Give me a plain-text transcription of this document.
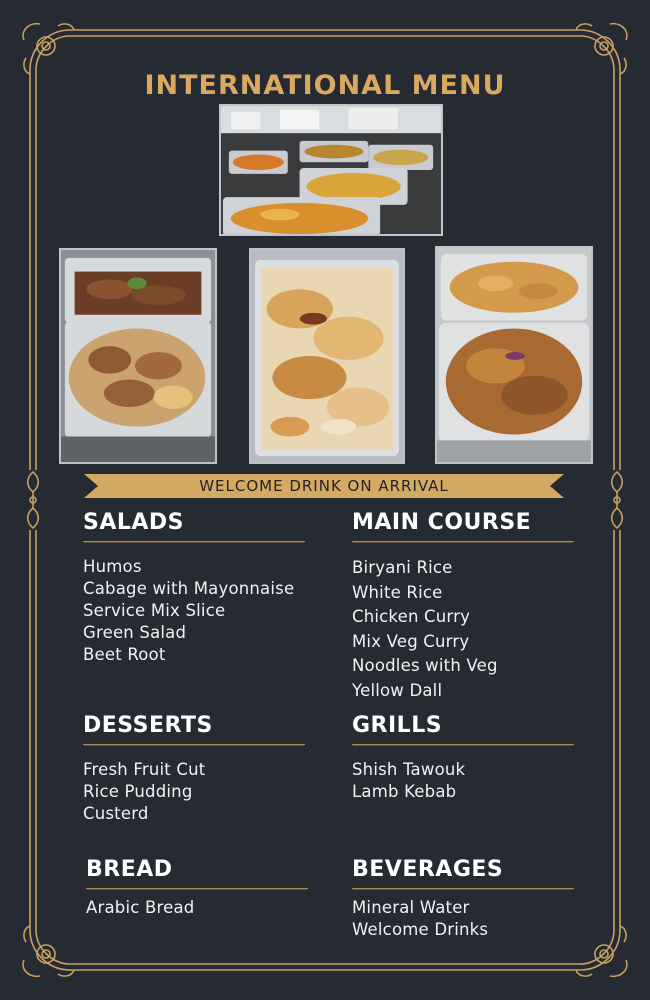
INTERNATIONAL MENU
WELCOME DRINK ON ARRIVAL
SALADS
Humos
Cabage with Mayonnaise
Service Mix Slice
Green Salad
Beet Root
MAIN COURSE
Biryani Rice
White Rice
Chicken Curry
Mix Veg Curry
Noodles with Veg
Yellow Dall
DESSERTS
Fresh Fruit Cut
Rice Pudding
Custerd
GRILLS
Shish Tawouk
Lamb Kebab
BREAD
Arabic Bread
BEVERAGES
Mineral Water
Welcome Drinks
